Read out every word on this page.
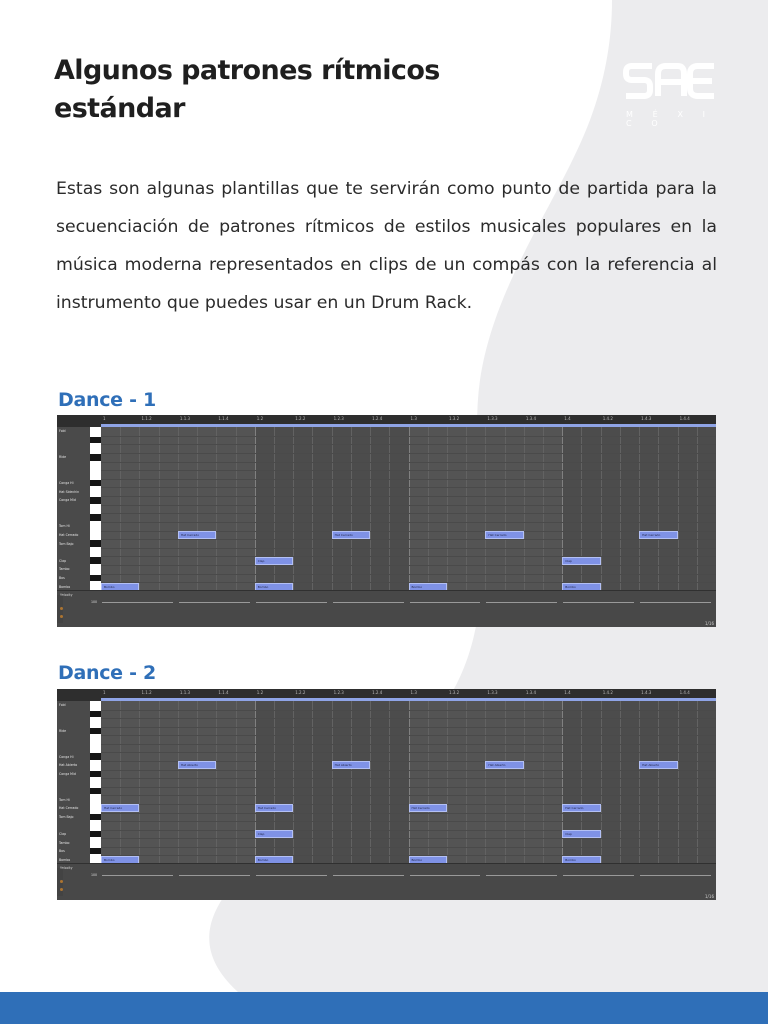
Algunos patrones rítmicos
estándar	M É X I C O

Estas son algunas plantillas que te servirán como punto de partida para la secuenciación de patrones rítmicos de estilos musicales populares en la música moderna representados en clips de un compás con la referencia al instrumento que puedes usar en un Drum Rack.

Dance - 1
1	1.1.2	1.1.3	1.1.4	1.2	1.2.2	1.2.3	1.2.4	1.3	1.3.2	1.3.3	1.3.4	1.4	1.4.2	1.4.3	1.4.4
Fold
Ride
Conga Hi
Hat Sidechin
Conga Mid
Tom Hi
Hat Cerrado
Tom Bajo
Clap
Tambo
Bos
Bombo
Hat Cerrado	Hat Cerrado	Hat Cerrado	Hat Cerrado
Clap	Clap
Bombo	Bombo	Bombo	Bombo
Velocity
100
1/16
Dance - 2
1	1.1.2	1.1.3	1.1.4	1.2	1.2.2	1.2.3	1.2.4	1.3	1.3.2	1.3.3	1.3.4	1.4	1.4.2	1.4.3	1.4.4
Fold
Ride
Conga Hi
Hat Abierto
Conga Mid
Tom Hi
Hat Cerrado
Tom Bajo
Clap
Tambo
Bos
Bombo
Hat Abierto	Hat Abierto	Hat Abierto	Hat Abierto
Hat Cerrado	Hat Cerrado	Hat Cerrado	Hat Cerrado
Clap	Clap
Bombo	Bombo	Bombo	Bombo
Velocity
100
1/16
